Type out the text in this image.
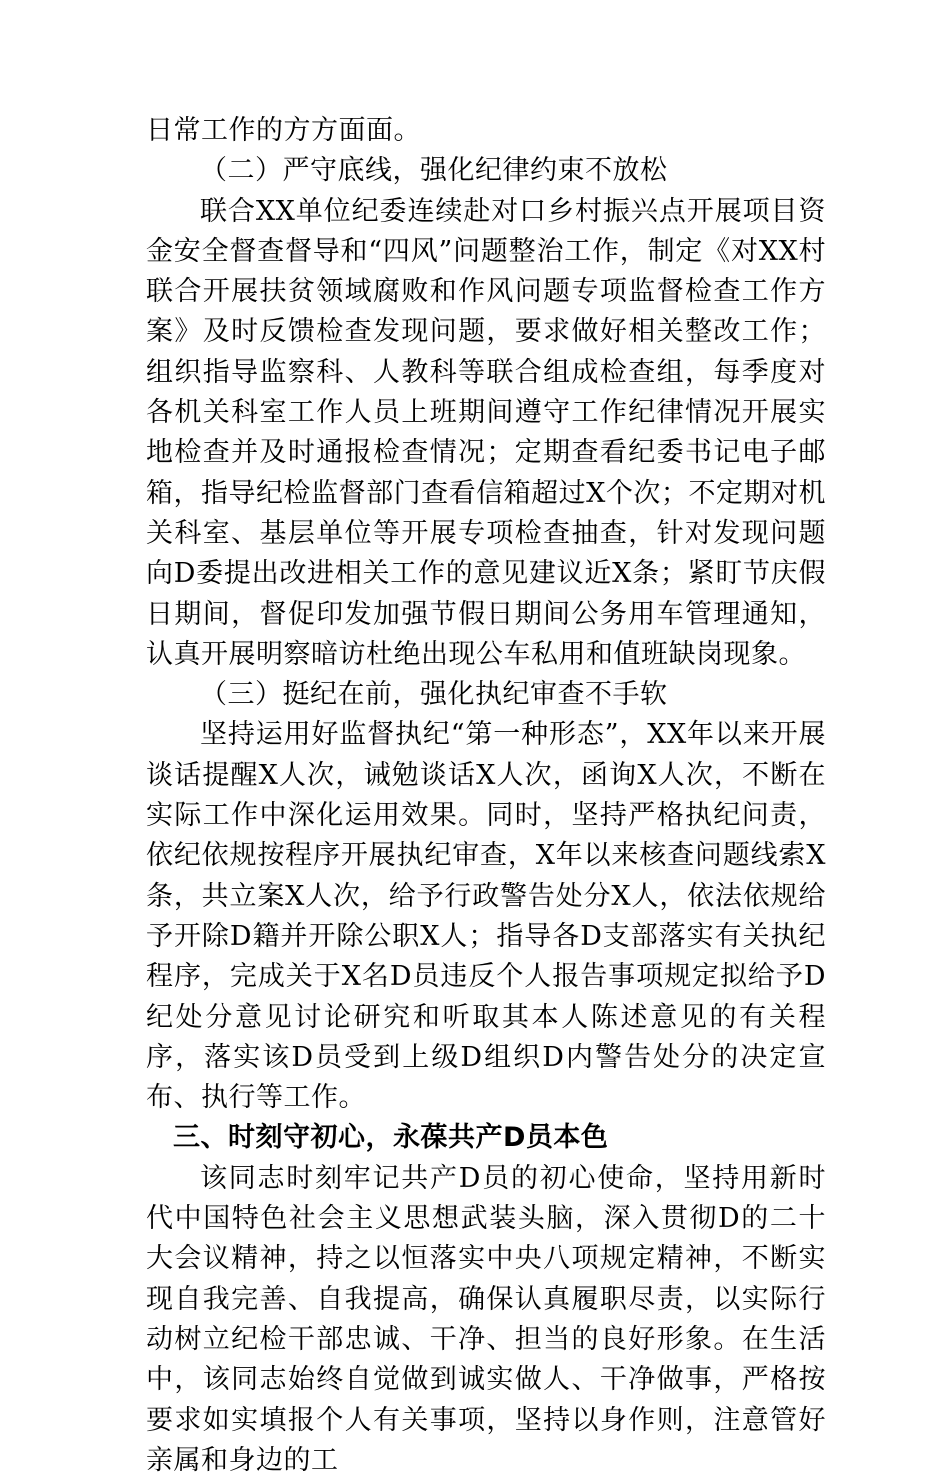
日常工作的方方面面。

（二）严守底线，强化纪律约束不放松

联合XX单位纪委连续赴对口乡村振兴点开展项目资金安全督查督导和“四风”问题整治工作，制定《对XX村联合开展扶贫领域腐败和作风问题专项监督检查工作方案》及时反馈检查发现问题，要求做好相关整改工作；组织指导监察科、人教科等联合组成检查组，每季度对各机关科室工作人员上班期间遵守工作纪律情况开展实地检查并及时通报检查情况；定期查看纪委书记电子邮箱，指导纪检监督部门查看信箱超过X个次；不定期对机关科室、基层单位等开展专项检查抽查，针对发现问题向D委提出改进相关工作的意见建议近X条；紧盯节庆假日期间，督促印发加强节假日期间公务用车管理通知，认真开展明察暗访杜绝出现公车私用和值班缺岗现象。

（三）挺纪在前，强化执纪审查不手软

坚持运用好监督执纪“第一种形态”，XX年以来开展谈话提醒X人次，诫勉谈话X人次，函询X人次，不断在实际工作中深化运用效果。同时，坚持严格执纪问责，依纪依规按程序开展执纪审查，X年以来核查问题线索X条，共立案X人次，给予行政警告处分X人，依法依规给予开除D籍并开除公职X人；指导各D支部落实有关执纪程序，完成关于X名D员违反个人报告事项规定拟给予D纪处分意见讨论研究和听取其本人陈述意见的有关程序，落实该D员受到上级D组织D内警告处分的决定宣布、执行等工作。

三、时刻守初心，永葆共产D员本色

该同志时刻牢记共产D员的初心使命，坚持用新时代中国特色社会主义思想武装头脑，深入贯彻D的二十大会议精神，持之以恒落实中央八项规定精神，不断实现自我完善、自我提高，确保认真履职尽责，以实际行动树立纪检干部忠诚、干净、担当的良好形象。在生活中，该同志始终自觉做到诚实做人、干净做事，严格按要求如实填报个人有关事项，坚持以身作则，注意管好亲属和身边的工
